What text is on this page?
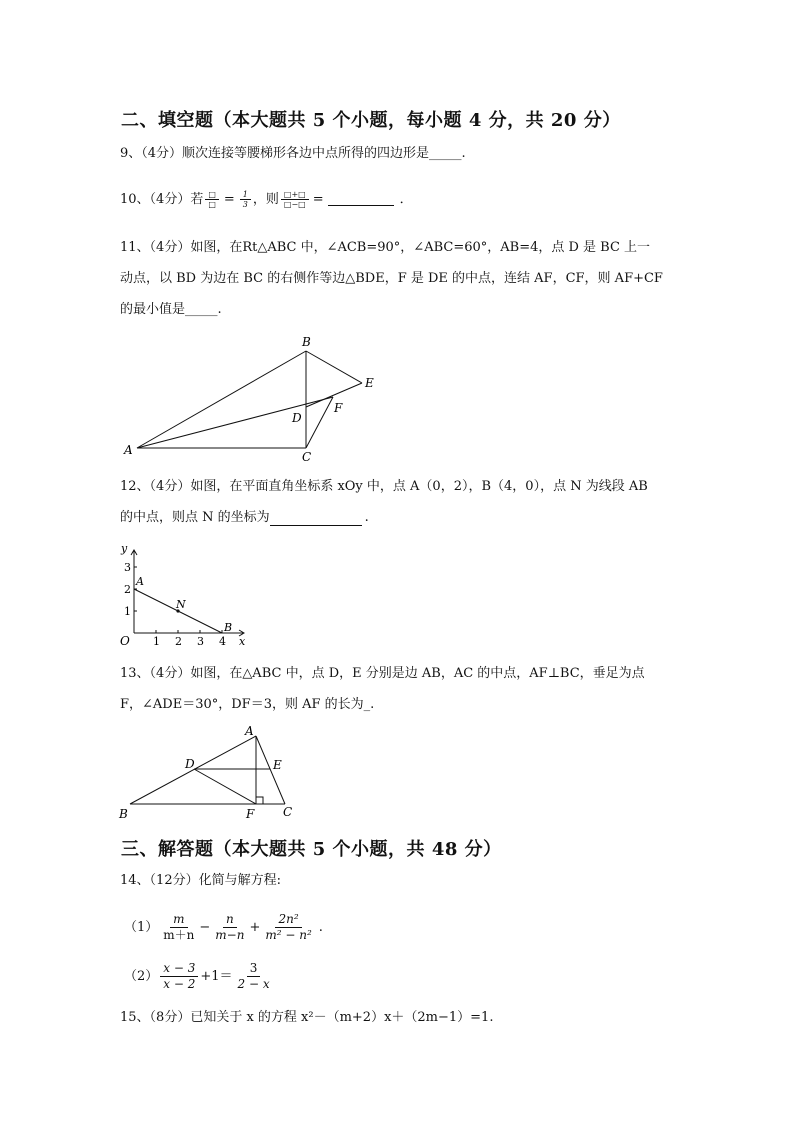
二、填空题（本大题共 5 个小题，每小题 4 分，共 20 分）
9、（4分）顺次连接等腰梯形各边中点所得的四边形是_____.
10、（4分）若 $\frac{□}{□} = \frac{1}{3}$ ，则 $\frac{□+□}{□-□}$ =	．
11、（4分）如图，在Rt△ABC 中，∠ACB=90°，∠ABC=60°，AB=4，点 D 是 BC 上一
动点，以 BD 为边在 BC 的右侧作等边△BDE，F 是 DE 的中点，连结 AF，CF，则 AF+CF
的最小值是_____.
A
B
C
D
E
F
12、（4分）如图，在平面直角坐标系 xOy 中，点 A（0，2），B（4，0），点 N 为线段 AB
的中点，则点 N 的坐标为	.
O	x
y
1 2 3 4
1
2
3
A
B
N
13、（4分）如图，在△ABC 中，点 D，E 分别是边 AB，AC 的中点，AF⊥BC，垂足为点
F，∠ADE＝30°，DF＝3，则 AF 的长为_.
A
B	C
D	E
F
三、解答题（本大题共 5 个小题，共 48 分）
14、（12分）化简与解方程:
$(1) \frac{m}{m+n} - \frac{n}{m-n} + \frac{\text{2n²}}{\text{m² − n²}}$ .
$(2) \frac{x - 3}{x - 2} +1= \frac{3}{2 - x}$
15、（8分）已知关于 x 的方程 x²－（m+2）x＋（2m−1）=1.
